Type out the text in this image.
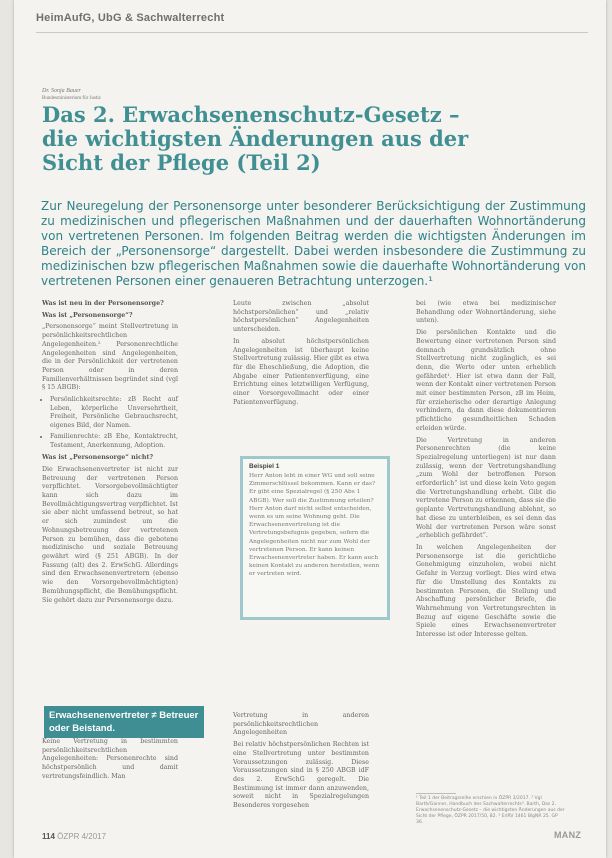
HeimAufG, UbG & Sachwalterrecht
Dr. Sonja Bauer
Bundesministerium für Justiz
Das 2. Erwachsenenschutz-Gesetz – die wichtigsten Änderungen aus der Sicht der Pflege (Teil 2)

Zur Neuregelung der Personensorge unter besonderer Berücksichtigung der Zustimmung zu medizinischen und pflegerischen Maßnahmen und der dauerhaften Wohnortänderung von vertretenen Personen. Im folgenden Beitrag werden die wichtigsten Änderungen im Bereich der „Personensorge“ dargestellt. Dabei werden insbesondere die Zustimmung zu medizinischen bzw pflegerischen Maßnahmen sowie die dauerhafte Wohnortänderung von vertretenen Personen einer genaueren Betrachtung unterzogen.¹

Was ist neu in der Personensorge?

Was ist „Personensorge“?

„Personensorge“ meint Stellvertretung in persönlichkeitsrechtlichen Angelegenheiten.² Personenrechtliche Angelegenheiten sind Angelegenheiten, die in der Persönlichkeit der vertretenen Person oder in deren Familienverhältnissen begründet sind (vgl § 15 ABGB):

• Persönlichkeitsrechte: zB Recht auf Leben, körperliche Unversehrtheit, Freiheit, Persönliche Gebrauchsrecht, eigenes Bild, der Namen.
• Familienrechte: zB Ehe, Kontaktrecht, Testament, Anerkennung, Adoption.

Was ist „Personensorge“ nicht?

Die Erwachsenenvertreter ist nicht zur Betreuung der vertretenen Person verpflichtet. Vorsorgebevollmächtigter kann sich dazu im Bevollmächtigungsvertrag verpflichtet. Ist sie aber nicht umfassend betreut, so hat er sich zumindest um die Wohnungsbetreuung der vertretenen Person zu bemühen, dass die gebotene medizinische und soziale Betreuung gewährt wird (§ 251 ABGB). In der Fassung (alt) des 2. ErwSchG. Allerdings sind den Erwachsenenvertretern (ebenso wie den Vorsorgebevollmächtigten) Bemühungspflicht, die Bemühungspflicht. Sie gehört dazu zur Personensorge dazu.

Erwachsenenvertreter ≠ Betreuer oder Beistand.

Keine Vertretung in bestimmten persönlichkeitsrechtlichen Angelegenheiten: Personenrechte sind höchstpersönlich und damit vertretungsfeindlich. Man

Leute zwischen „absolut höchstpersönlichen“ und „relativ höchstpersönlichen“ Angelegenheiten unterscheiden.

In absolut höchstpersönlichen Angelegenheiten ist überhaupt keine Stellvertretung zulässig. Hier gibt es etwa für die Eheschließung, die Adoption, die Abgabe einer Patientenverfügung, eine Errichtung eines letztwilligen Verfügung, einer Vorsorgevollmacht oder einer Patientenverfügung.

Beispiel 1
Herr Anton lebt in einer WG und soll seine Zimmerschlüssel bekommen. Kann er das? Er gibt eine Spezialregel (§ 250 Abs 1 ABGB). Wer soll die Zustimmung erteilen? Herr Anton darf nicht selbst entscheiden, wenn es um seine Wohnung geht. Die Erwachsenenvertretung ist die Vertretungsbefugnis gegeben, sofern die Angelegenheiten nicht nur zum Wohl der vertretenen Person. Er kann keinen Erwachsenenvertreter haben. Er kann auch keinen Kontakt zu anderen herstellen, wenn er vertreten wird.

Vertretung in anderen persönlichkeitsrechtlichen Angelegenheiten

Bei relativ höchstpersönlichen Rechten ist eine Stellvertretung unter bestimmten Voraussetzungen zulässig. Diese Voraussetzungen sind in § 250 ABGB idF des 2. ErwSchG geregelt. Die Bestimmung ist immer dann anzuwenden, soweit nicht in Spezialregelungen Besonderes vorgesehen

bei (wie etwa bei medizinischer Behandlung oder Wohnortänderung, siehe unten).

Die persönlichen Kontakte und die Bewertung einer vertretenen Person sind demnach grundsätzlich ohne Stellvertretung nicht zugänglich, es sei denn, die Werte oder unten erheblich gefährdet¹. Hier ist etwa dann der Fall, wenn der Kontakt einer vertretenen Person mit einer bestimmten Person, zB im Heim, für erzieherische oder derartige Anlegung verhindern, da dann diese dokumentieren pflichtliche gesundheitlichen Schaden erleiden würde.

Die Vertretung in anderen Personenrechten (die keine Spezialregelung unterliegen) ist nur dann zulässig, wenn der Vertretungshandlung „zum Wohl der betroffenen Person erforderlich“ ist und diese kein Veto gegen die Vertretungshandlung erhebt. Gibt die vertretene Person zu erkennen, dass sie die geplante Vertretungshandlung ablehnt, so hat diese zu unterbleiben, es sei denn das Wohl der vertretenen Person wäre sonst „erheblich gefährdet“.

In welchen Angelegenheiten der Personensorge ist die gerichtliche Genehmigung einzuholen, wobei nicht Gefahr in Verzug vorliegt. Dies wird etwa für die Umstellung des Kontakts zu bestimmten Personen, die Stellung und Abschaffung persönlicher Briefe, die Wahrnehmung von Vertretungsrechten in Bezug auf eigene Geschäfte sowie die Spiele eines Erwachsenenvertreter Interesse ist oder Interesse gelten.

¹ Teil 1 der Beitragsreihe erschien in ÖZPR 3/2017. ² Vgl Barth/Ganner, Handbuch des Sachwalterrechts³. Barth, Das 2. Erwachsenenschutz-Gesetz – die wichtigsten Änderungen aus der Sicht der Pflege, ÖZPR 2017/50, 82. ³ ErlRV 1461 BlgNR 25. GP 36.
114 ÖZPR 4/2017	MANZ
